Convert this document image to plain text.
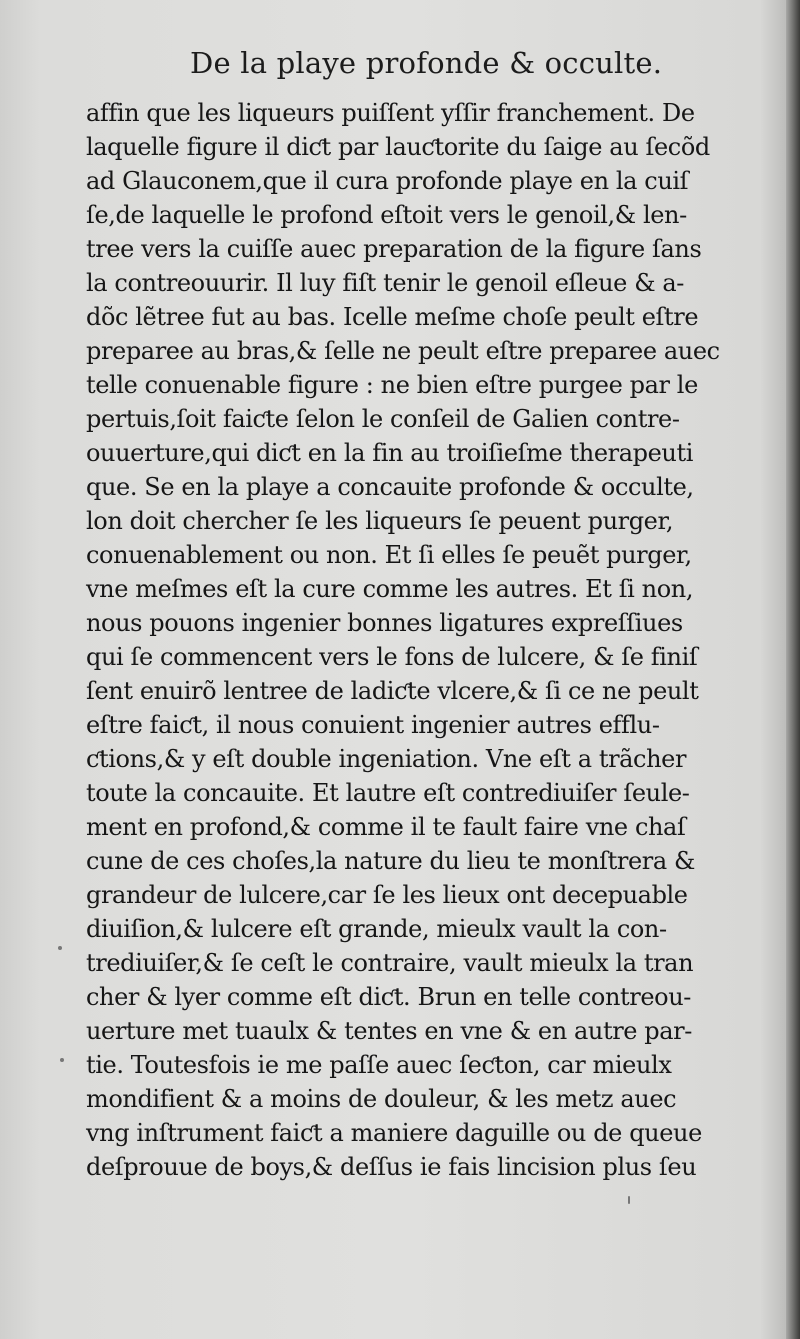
De la playe profonde & occulte.
affin que les liqueurs puiſſent yſſir franchement. De
laquelle figure il diƈt par lauƈtorite du ſaige au ſecõd
ad Glauconem,que il cura profonde playe en la cuiſ
ſe,de laquelle le profond eſtoit vers le genoil,& len-
tree vers la cuiſſe auec preparation de la figure ſans
la contreouurir. Il luy fiſt tenir le genoil eſleue & a-
dõc lẽtree fut au bas. Icelle meſme choſe peult eſtre
preparee au bras,& ſelle ne peult eſtre preparee auec
telle conuenable figure : ne bien eſtre purgee par le
pertuis,ſoit faiƈte ſelon le conſeil de Galien contre-
ouuerture,qui diƈt en la fin au troiſieſme therapeuti
que. Se en la playe a concauite profonde & occulte,
lon doit chercher ſe les liqueurs ſe peuent purger,
conuenablement ou non. Et ſi elles ſe peuẽt purger,
vne meſmes eſt la cure comme les autres. Et ſi non,
nous pouons ingenier bonnes ligatures expreſſiues
qui ſe commencent vers le fons de lulcere, & ſe finiſ
ſent enuirõ lentree de ladiƈte vlcere,& ſi ce ne peult
eſtre faiƈt, il nous conuient ingenier autres efflu-
ƈtions,& y eſt double ingeniation. Vne eſt a trãcher
toute la concauite. Et lautre eſt contrediuiſer ſeule-
ment en profond,& comme il te fault faire vne chaſ
cune de ces choſes,la nature du lieu te monſtrera &
grandeur de lulcere,car ſe les lieux ont decepuable
diuiſion,& lulcere eſt grande, mieulx vault la con-
trediuiſer,& ſe ceſt le contraire, vault mieulx la tran
cher & lyer comme eſt diƈt. Brun en telle contreou-
uerture met tuaulx & tentes en vne & en autre par-
tie. Toutesfois ie me paſſe auec ſeƈton, car mieulx
mondifient & a moins de douleur, & les metz auec
vng inſtrument faiƈt a maniere daguille ou de queue
deſprouue de boys,& deſſus ie fais lincision plus ſeu
